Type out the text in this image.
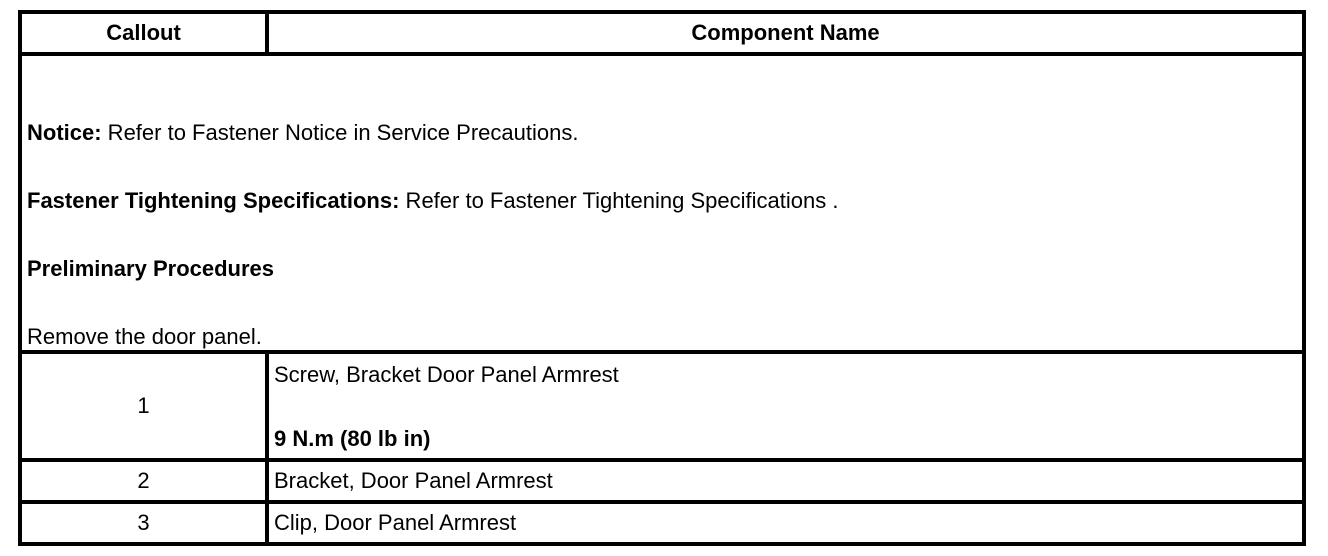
Callout	Component Name

Notice: Refer to Fastener Notice in Service Precautions.

Fastener Tightening Specifications: Refer to Fastener Tightening Specifications .

Preliminary Procedures

Remove the door panel.	

1	Screw, Bracket Door Panel Armrest
9 N.m (80 lb in)

2	Bracket, Door Panel Armrest
3	Clip, Door Panel Armrest
